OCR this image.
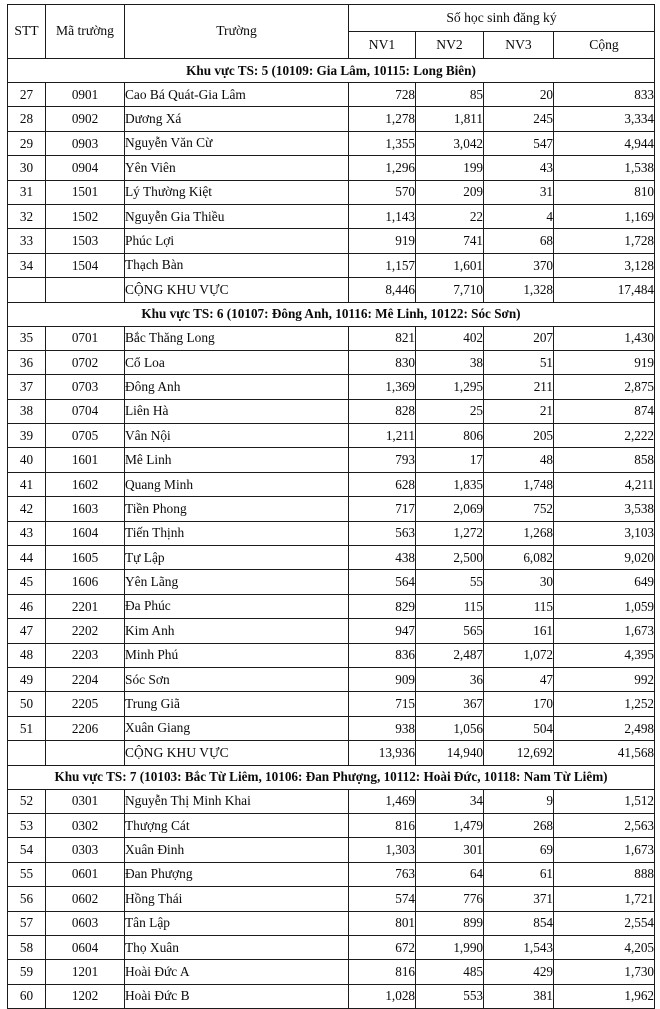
STT	Mã trường	Trường	Số học sinh đăng ký			
			NV1	NV2	NV3	Cộng
Khu vực TS: 5 (10109: Gia Lâm, 10115: Long Biên)						
27	0901	Cao Bá Quát-Gia Lâm	728	85	20	833
28	0902	Dương Xá	1,278	1,811	245	3,334
29	0903	Nguyễn Văn Cừ	1,355	3,042	547	4,944
30	0904	Yên Viên	1,296	199	43	1,538
31	1501	Lý Thường Kiệt	570	209	31	810
32	1502	Nguyễn Gia Thiều	1,143	22	4	1,169
33	1503	Phúc Lợi	919	741	68	1,728
34	1504	Thạch Bàn	1,157	1,601	370	3,128
		CỘNG KHU VỰC	8,446	7,710	1,328	17,484
Khu vực TS: 6 (10107: Đông Anh, 10116: Mê Linh, 10122: Sóc Sơn)						
35	0701	Bắc Thăng Long	821	402	207	1,430
36	0702	Cổ Loa	830	38	51	919
37	0703	Đông Anh	1,369	1,295	211	2,875
38	0704	Liên Hà	828	25	21	874
39	0705	Vân Nội	1,211	806	205	2,222
40	1601	Mê Linh	793	17	48	858
41	1602	Quang Minh	628	1,835	1,748	4,211
42	1603	Tiền Phong	717	2,069	752	3,538
43	1604	Tiến Thịnh	563	1,272	1,268	3,103
44	1605	Tự Lập	438	2,500	6,082	9,020
45	1606	Yên Lãng	564	55	30	649
46	2201	Đa Phúc	829	115	115	1,059
47	2202	Kim Anh	947	565	161	1,673
48	2203	Minh Phú	836	2,487	1,072	4,395
49	2204	Sóc Sơn	909	36	47	992
50	2205	Trung Giã	715	367	170	1,252
51	2206	Xuân Giang	938	1,056	504	2,498
		CỘNG KHU VỰC	13,936	14,940	12,692	41,568
Khu vực TS: 7 (10103: Bắc Từ Liêm, 10106: Đan Phượng, 10112: Hoài Đức, 10118: Nam Từ Liêm)						
52	0301	Nguyễn Thị Minh Khai	1,469	34	9	1,512
53	0302	Thượng Cát	816	1,479	268	2,563
54	0303	Xuân Đinh	1,303	301	69	1,673
55	0601	Đan Phượng	763	64	61	888
56	0602	Hồng Thái	574	776	371	1,721
57	0603	Tân Lập	801	899	854	2,554
58	0604	Thọ Xuân	672	1,990	1,543	4,205
59	1201	Hoài Đức A	816	485	429	1,730
60	1202	Hoài Đức B	1,028	553	381	1,962
